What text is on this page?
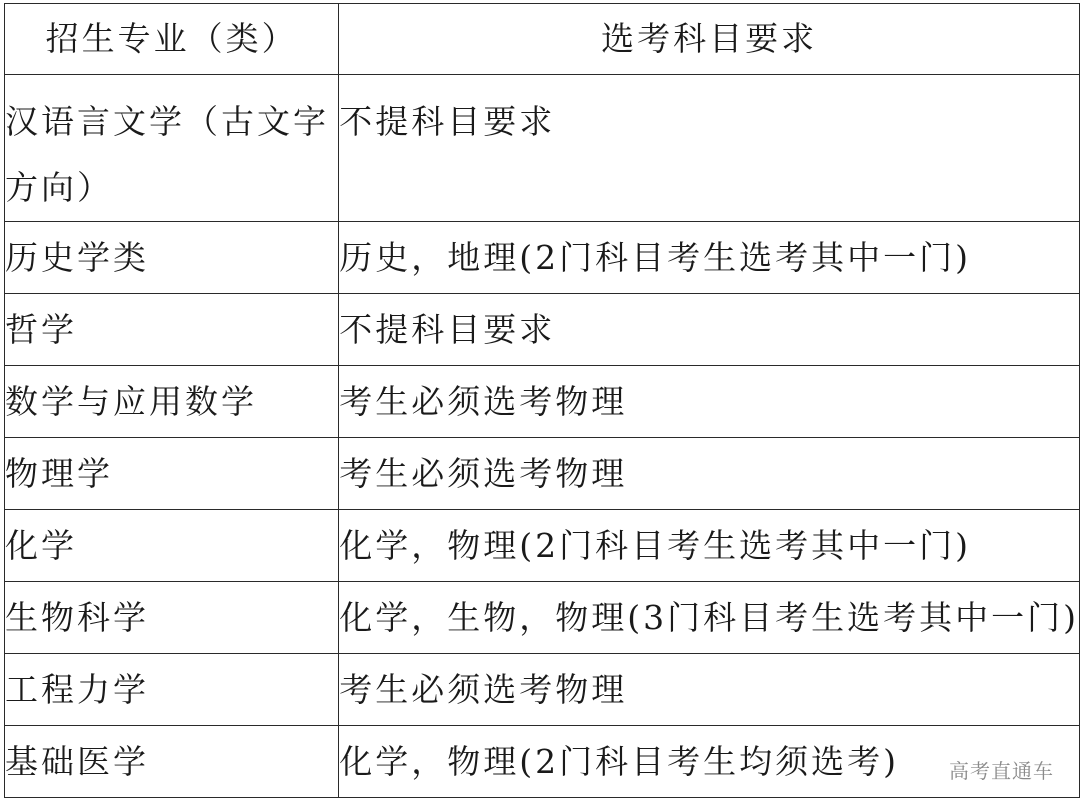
招生专业（类）	选考科目要求
汉语言文学（古文字方向）	不提科目要求
历史学类	历史，地理(2门科目考生选考其中一门)
哲学	不提科目要求
数学与应用数学	考生必须选考物理
物理学	考生必须选考物理
化学	化学，物理(2门科目考生选考其中一门)
生物科学	化学，生物，物理(3门科目考生选考其中一门)
工程力学	考生必须选考物理
基础医学	化学，物理(2门科目考生均须选考)	高考直通车
